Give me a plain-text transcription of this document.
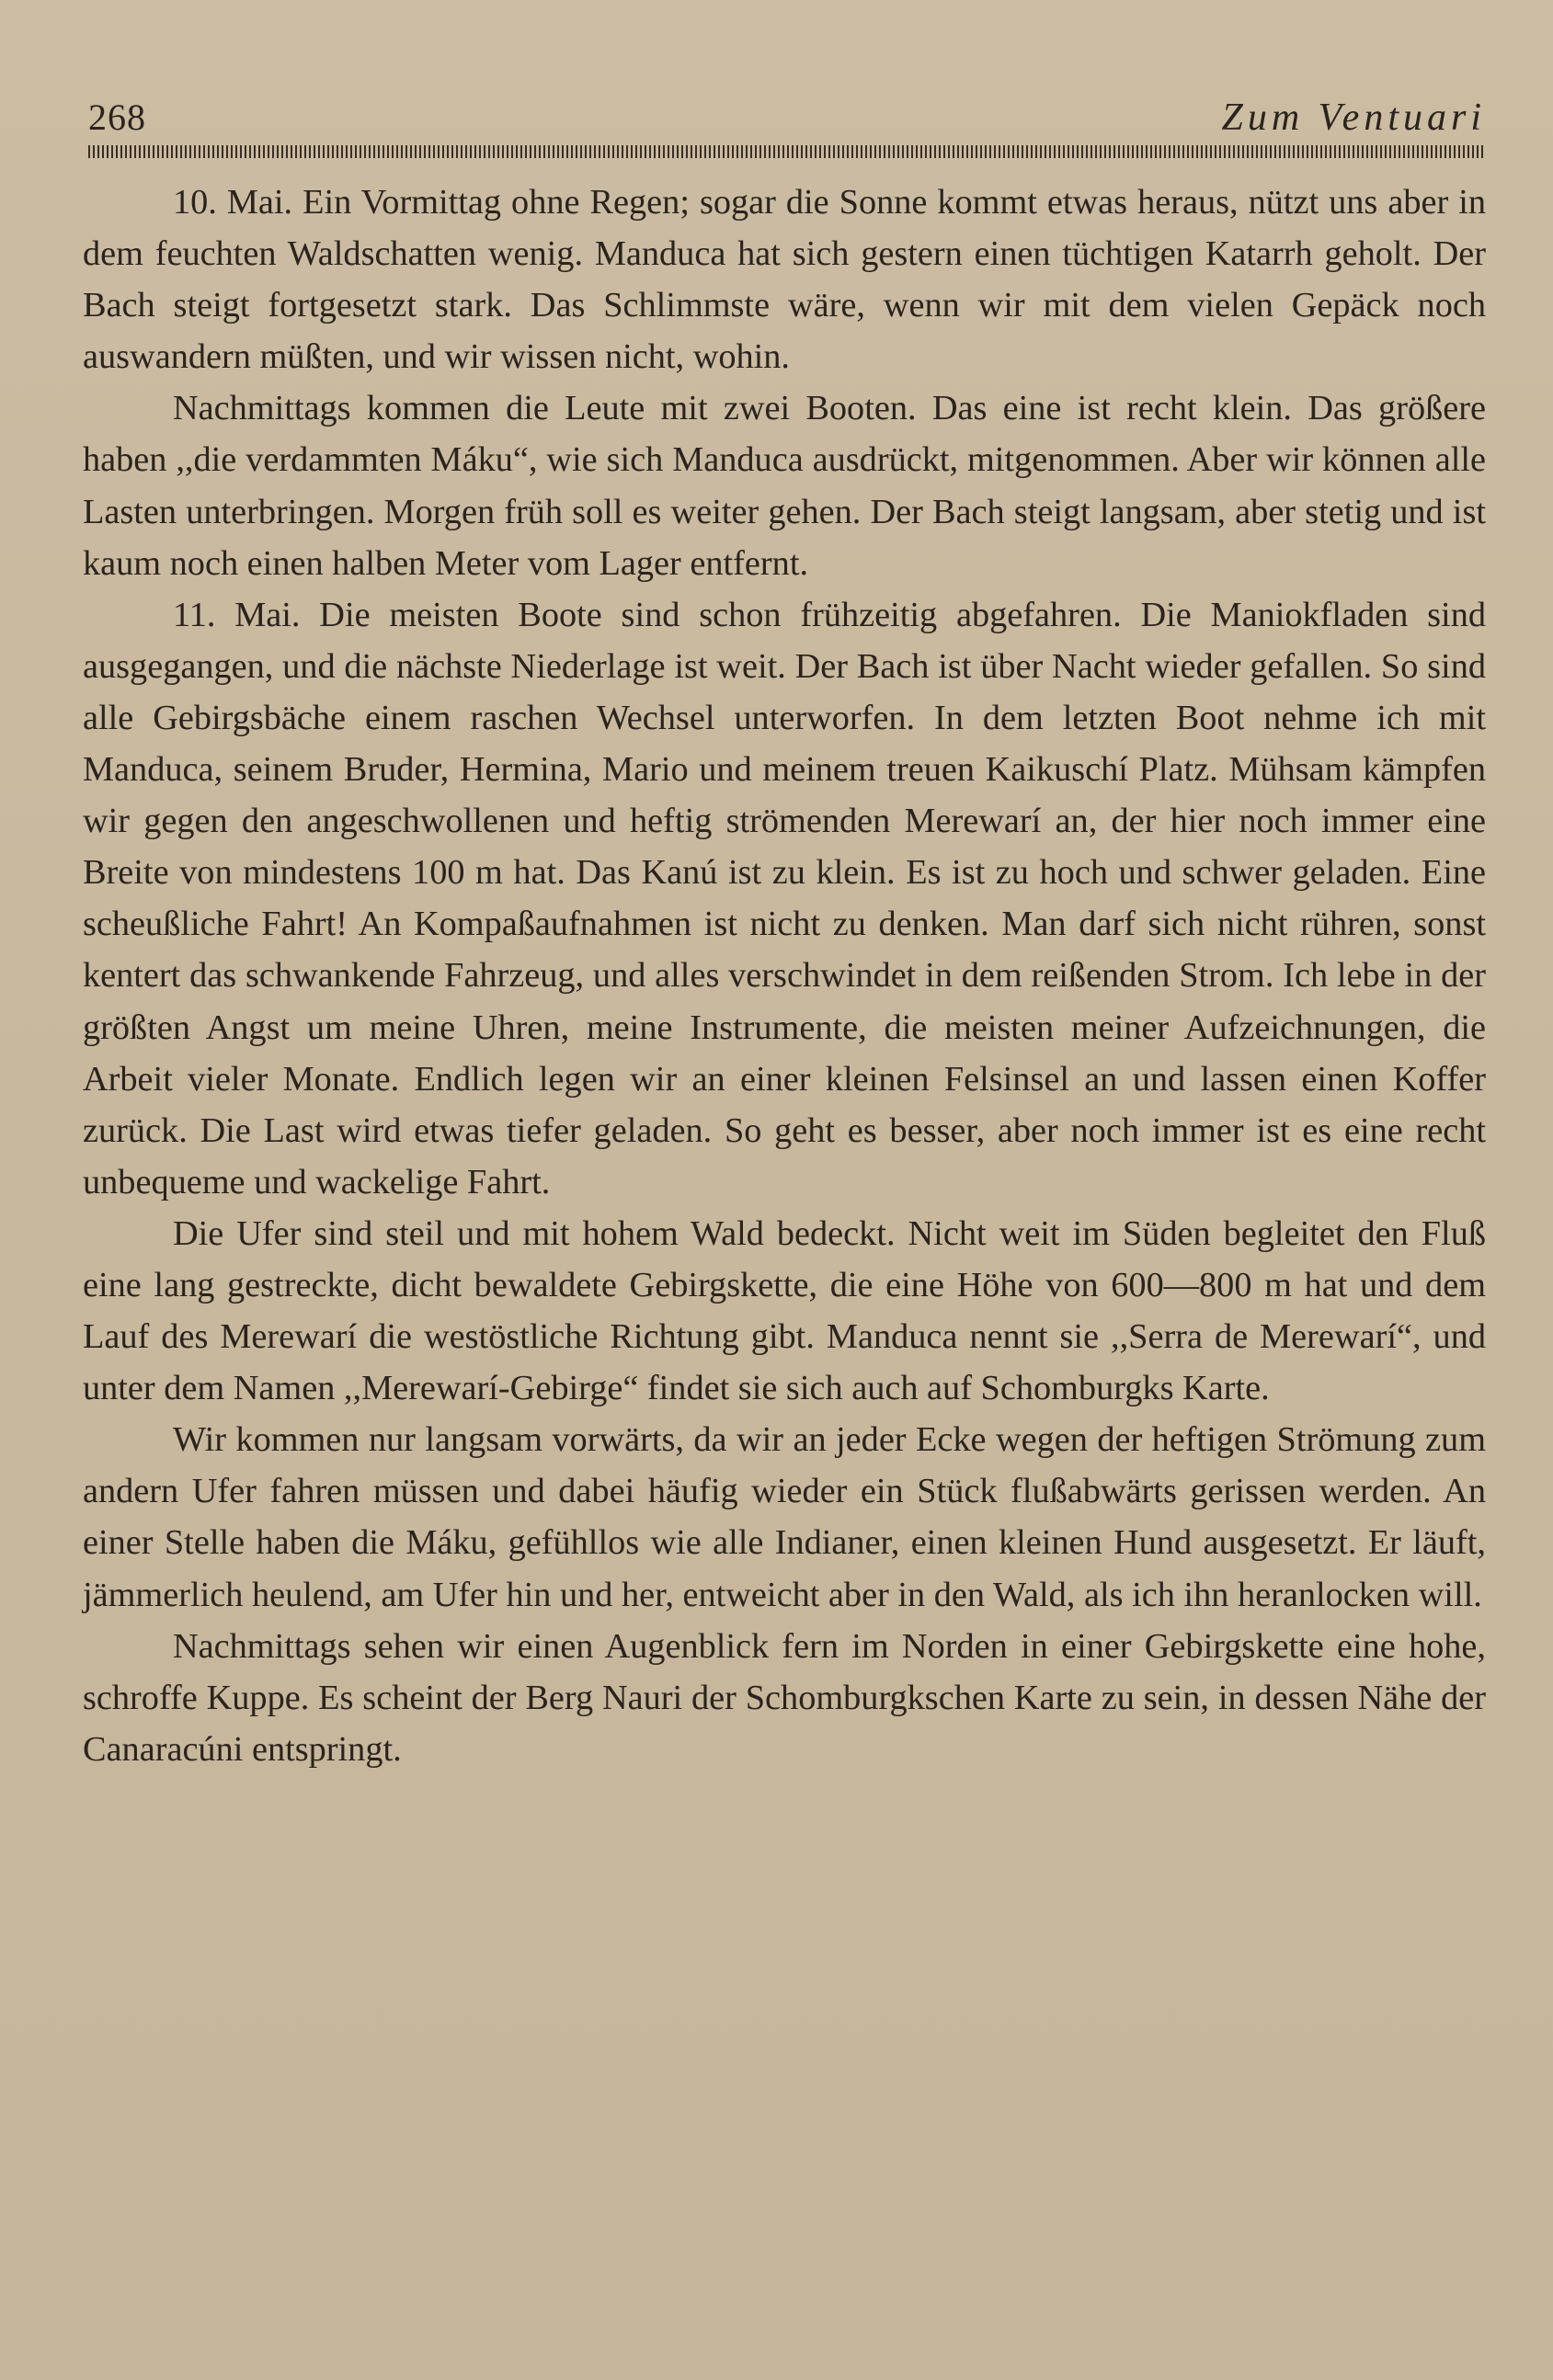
268	Zum Ventuari

10. Mai. Ein Vormittag ohne Regen; sogar die Sonne kommt etwas heraus, nützt uns aber in dem feuchten Waldschatten wenig. Manduca hat sich gestern einen tüchtigen Katarrh geholt. Der Bach steigt fortgesetzt stark. Das Schlimmste wäre, wenn wir mit dem vielen Gepäck noch auswandern müßten, und wir wissen nicht, wohin.

Nachmittags kommen die Leute mit zwei Booten. Das eine ist recht klein. Das größere haben ,,die verdammten Máku“, wie sich Manduca ausdrückt, mitgenommen. Aber wir können alle Lasten unterbringen. Morgen früh soll es weiter gehen. Der Bach steigt langsam, aber stetig und ist kaum noch einen halben Meter vom Lager entfernt.

11. Mai. Die meisten Boote sind schon frühzeitig abgefahren. Die Maniokfladen sind ausgegangen, und die nächste Niederlage ist weit. Der Bach ist über Nacht wieder gefallen. So sind alle Gebirgsbäche einem raschen Wechsel unterworfen. In dem letzten Boot nehme ich mit Manduca, seinem Bruder, Hermina, Mario und meinem treuen Kaikuschí Platz. Mühsam kämpfen wir gegen den angeschwollenen und heftig strömenden Merewarí an, der hier noch immer eine Breite von mindestens 100 m hat. Das Kanú ist zu klein. Es ist zu hoch und schwer geladen. Eine scheußliche Fahrt! An Kompaßaufnahmen ist nicht zu denken. Man darf sich nicht rühren, sonst kentert das schwankende Fahrzeug, und alles verschwindet in dem reißenden Strom. Ich lebe in der größten Angst um meine Uhren, meine Instrumente, die meisten meiner Aufzeichnungen, die Arbeit vieler Monate. Endlich legen wir an einer kleinen Felsinsel an und lassen einen Koffer zurück. Die Last wird etwas tiefer geladen. So geht es besser, aber noch immer ist es eine recht unbequeme und wackelige Fahrt.

Die Ufer sind steil und mit hohem Wald bedeckt. Nicht weit im Süden begleitet den Fluß eine lang gestreckte, dicht bewaldete Gebirgskette, die eine Höhe von 600—800 m hat und dem Lauf des Merewarí die westöstliche Richtung gibt. Manduca nennt sie ,,Serra de Merewarí“, und unter dem Namen ,,Merewarí-Gebirge“ findet sie sich auch auf Schomburgks Karte.

Wir kommen nur langsam vorwärts, da wir an jeder Ecke wegen der heftigen Strömung zum andern Ufer fahren müssen und dabei häufig wieder ein Stück flußabwärts gerissen werden. An einer Stelle haben die Máku, gefühllos wie alle Indianer, einen kleinen Hund ausgesetzt. Er läuft, jämmerlich heulend, am Ufer hin und her, entweicht aber in den Wald, als ich ihn heranlocken will.

Nachmittags sehen wir einen Augenblick fern im Norden in einer Gebirgskette eine hohe, schroffe Kuppe. Es scheint der Berg Nauri der Schomburgkschen Karte zu sein, in dessen Nähe der Canaracúni entspringt.
